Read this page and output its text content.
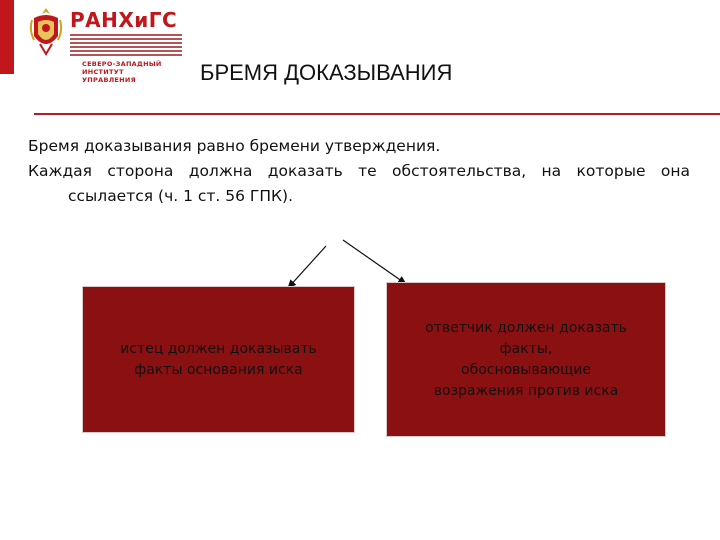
РАНХиГС
СЕВЕРО-ЗАПАДНЫЙ
ИНСТИТУТ УПРАВЛЕНИЯ	БРЕМЯ ДОКАЗЫВАНИЯ
Бремя доказывания равно бремени утверждения.
Каждая сторона должна доказать те обстоятельства, на которые она ссылается (ч. 1 ст. 56 ГПК).
истец должен доказывать
факты основания иска
ответчик должен доказать
факты,
обосновывающие
возражения против иска
